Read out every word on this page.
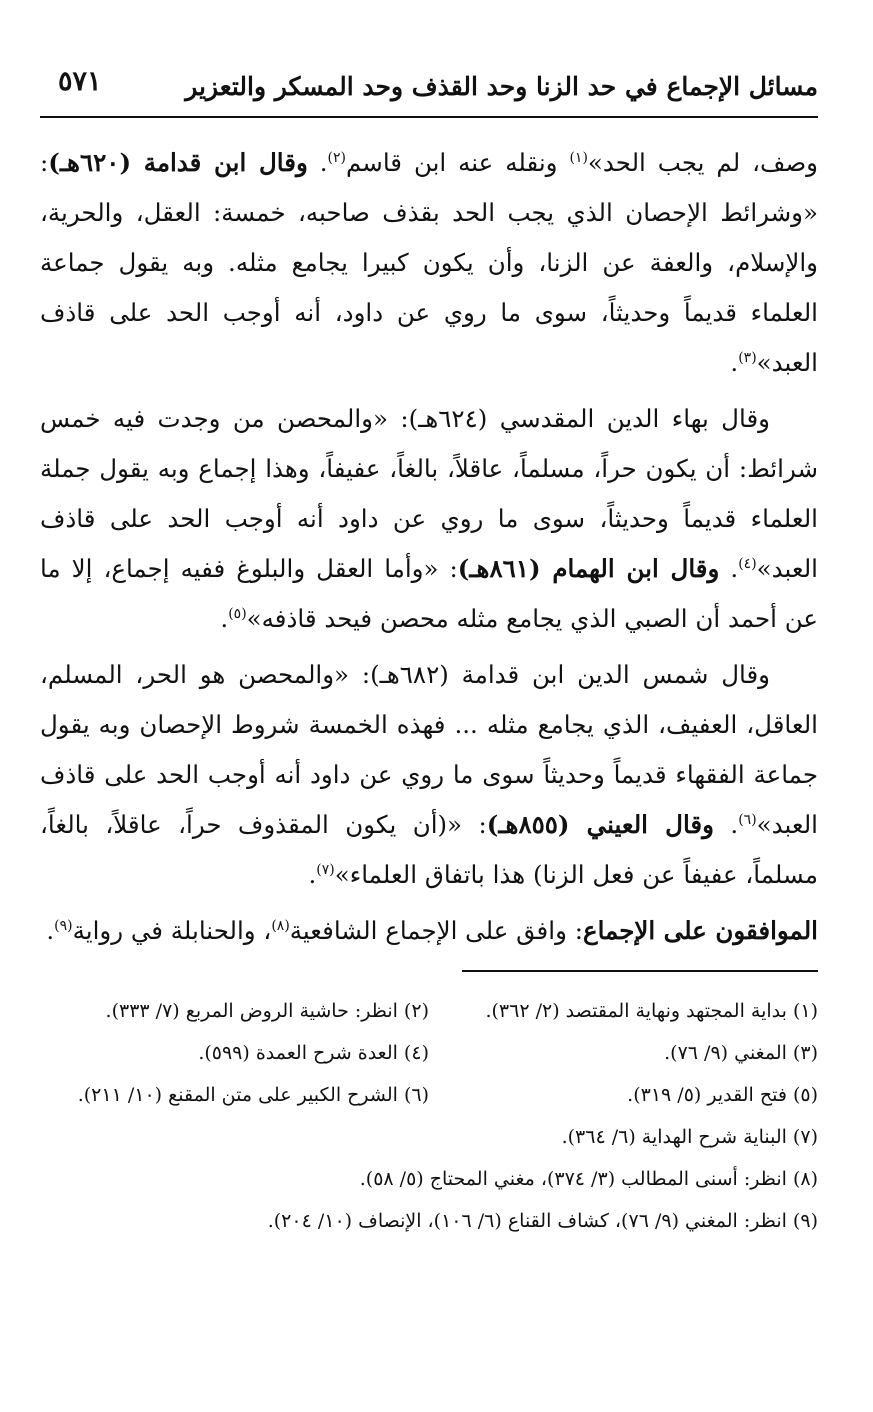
مسائل الإجماع في حد الزنا وحد القذف وحد المسكر والتعزير
٥٧١

وصف، لم يجب الحد»$^{(١)}$ ونقله عنه ابن قاسم$^{(٢)}$. وقال ابن قدامة (٦٢٠هـ): «وشرائط الإحصان الذي يجب الحد بقذف صاحبه، خمسة: العقل، والحرية، والإسلام، والعفة عن الزنا، وأن يكون كبيرا يجامع مثله. وبه يقول جماعة العلماء قديماً وحديثاً، سوى ما روي عن داود، أنه أوجب الحد على قاذف العبد»$^{(٣)}$.

وقال بهاء الدين المقدسي (٦٢٤هـ): «والمحصن من وجدت فيه خمس شرائط: أن يكون حراً، مسلماً، عاقلاً، بالغاً، عفيفاً، وهذا إجماع وبه يقول جملة العلماء قديماً وحديثاً، سوى ما روي عن داود أنه أوجب الحد على قاذف العبد»$^{(٤)}$. وقال ابن الهمام (٨٦١هـ): «وأما العقل والبلوغ ففيه إجماع، إلا ما عن أحمد أن الصبي الذي يجامع مثله محصن فيحد قاذفه»$^{(٥)}$.

وقال شمس الدين ابن قدامة (٦٨٢هـ): «والمحصن هو الحر، المسلم، العاقل، العفيف، الذي يجامع مثله ... فهذه الخمسة شروط الإحصان وبه يقول جماعة الفقهاء قديماً وحديثاً سوى ما روي عن داود أنه أوجب الحد على قاذف العبد»$^{(٦)}$. وقال العيني (٨٥٥هـ): «(أن يكون المقذوف حراً، عاقلاً، بالغاً، مسلماً، عفيفاً عن فعل الزنا) هذا باتفاق العلماء»$^{(٧)}$.

الموافقون على الإجماع: وافق على الإجماع الشافعية$^{(٨)}$، والحنابلة في رواية$^{(٩)}$.

(١) بداية المجتهد ونهاية المقتصد (٢/ ٣٦٢).
(٢) انظر: حاشية الروض المربع (٧/ ٣٣٣).
(٣) المغني (٩/ ٧٦).
(٤) العدة شرح العمدة (٥٩٩).
(٥) فتح القدير (٥/ ٣١٩).
(٦) الشرح الكبير على متن المقنع (١٠/ ٢١١).
(٧) البناية شرح الهداية (٦/ ٣٦٤).
(٨) انظر: أسنى المطالب (٣/ ٣٧٤)، مغني المحتاج (٥/ ٥٨).
(٩) انظر: المغني (٩/ ٧٦)، كشاف القناع (٦/ ١٠٦)، الإنصاف (١٠/ ٢٠٤).
